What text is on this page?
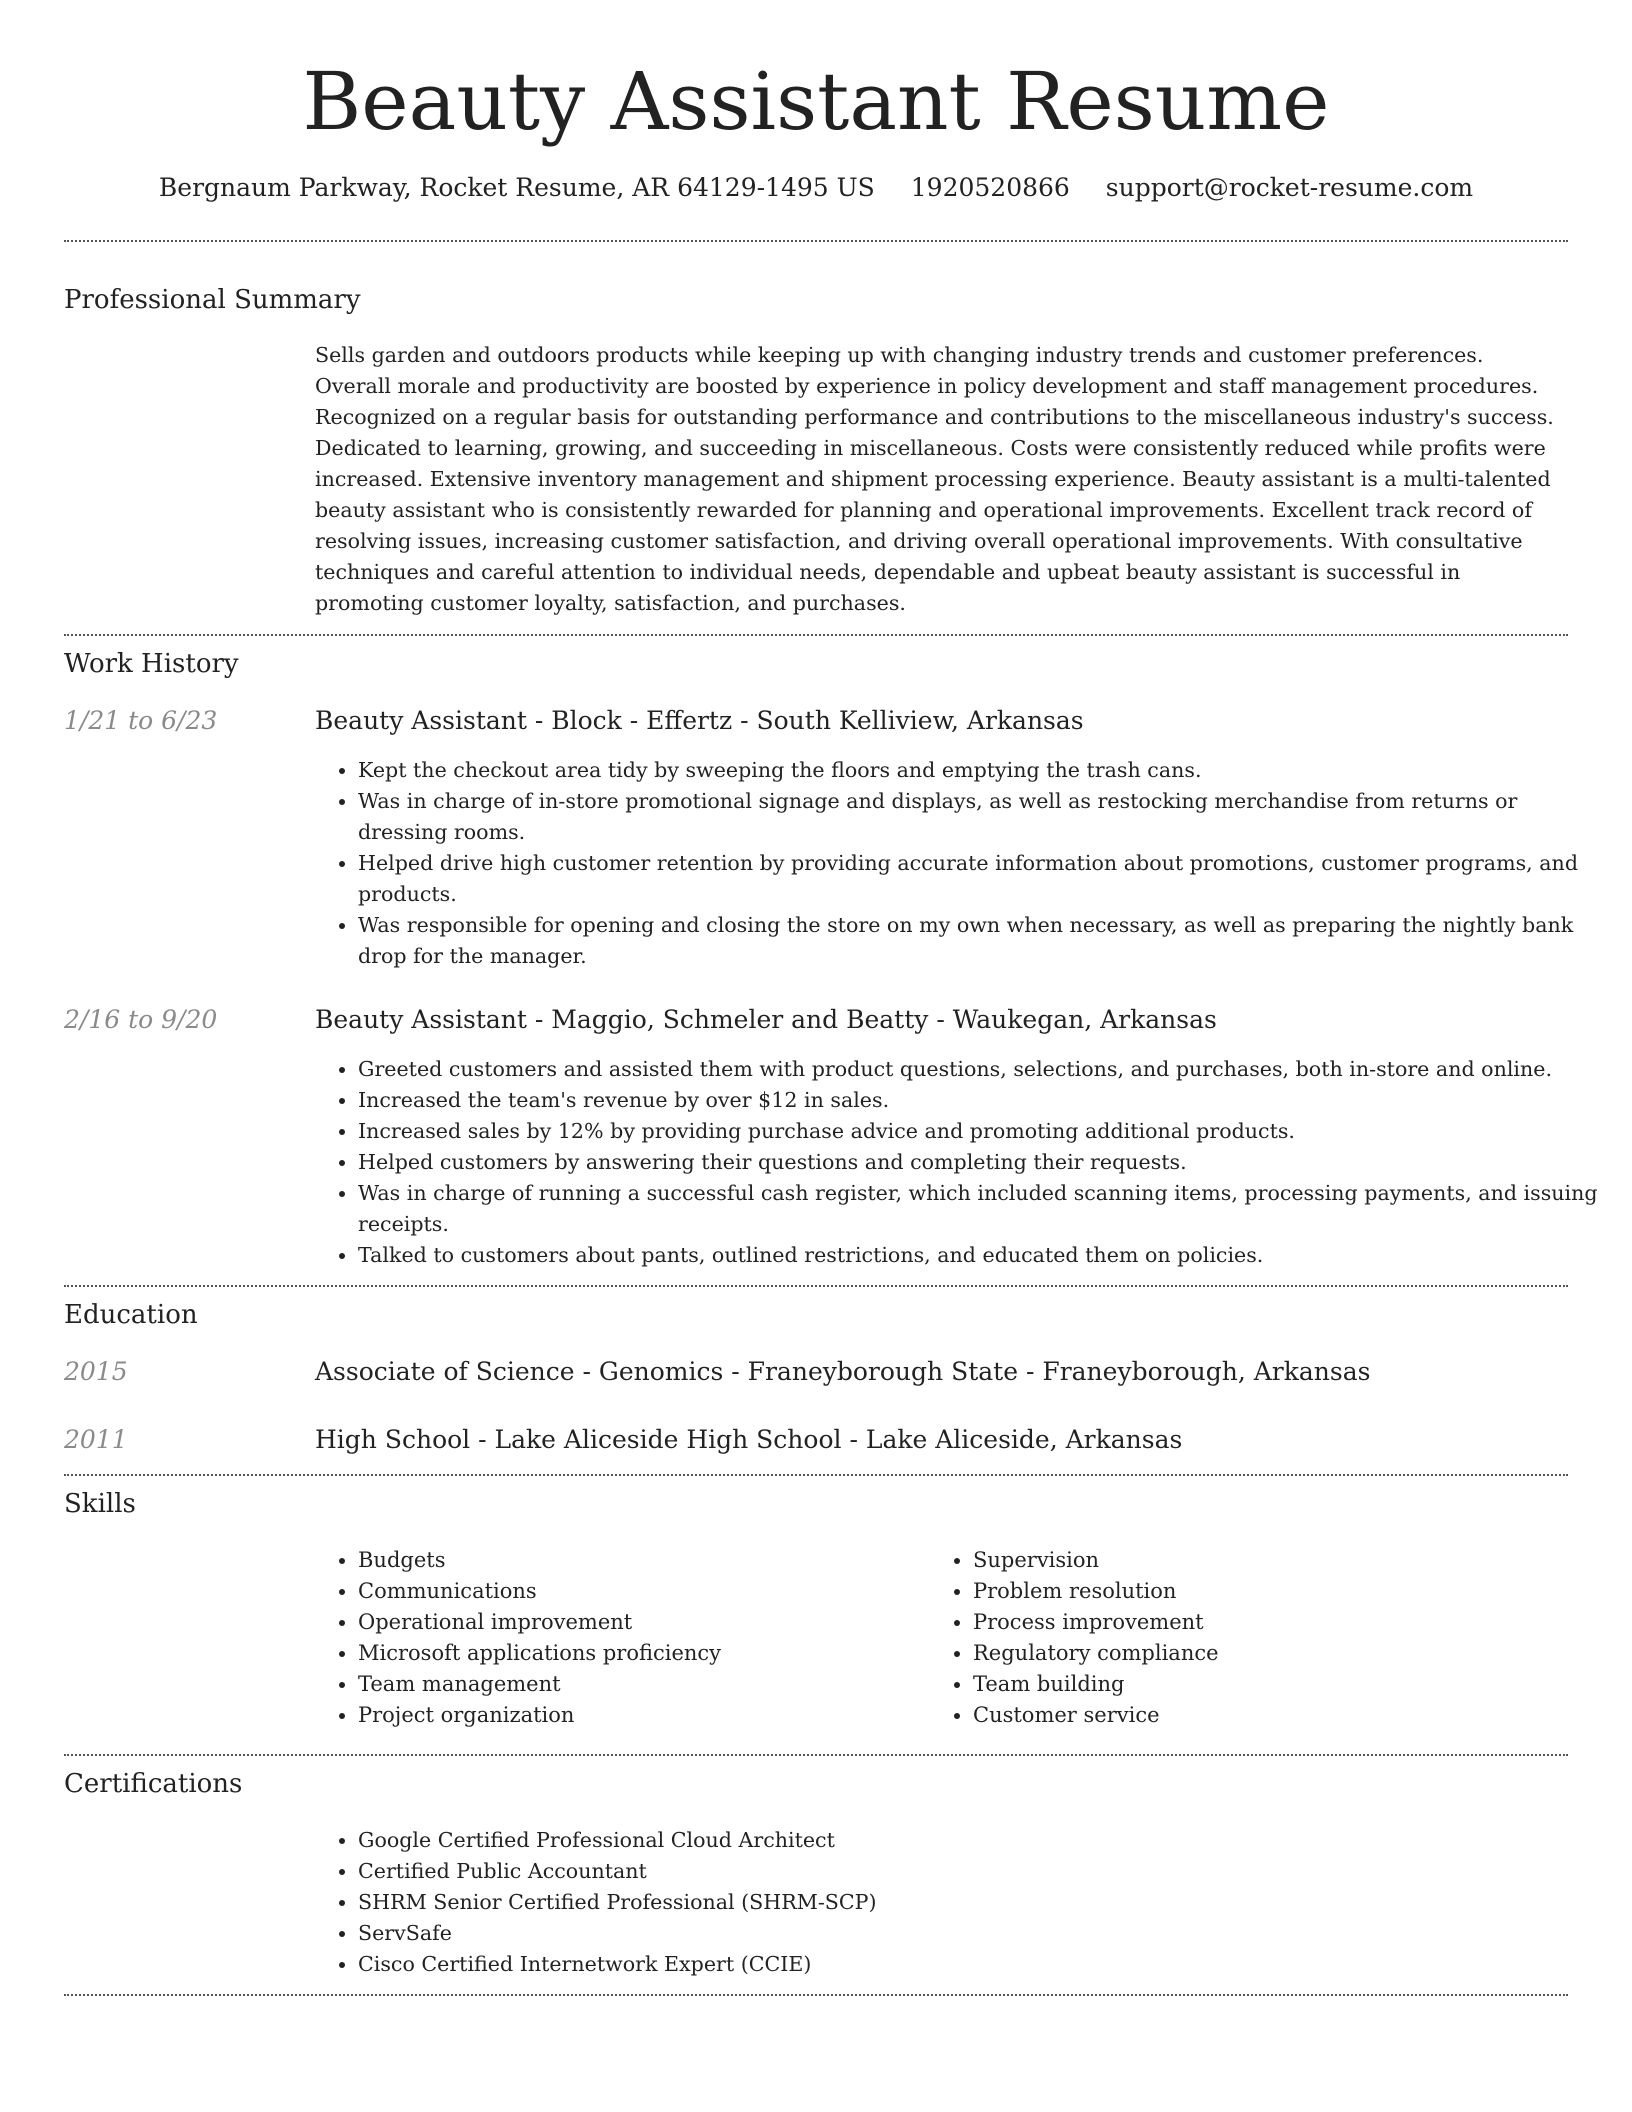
Beauty Assistant Resume
Bergnaum Parkway, Rocket Resume, AR 64129-1495 US 1920520866 support@rocket-resume.com
Professional Summary
Sells garden and outdoors products while keeping up with changing industry trends and customer preferences. Overall morale and productivity are boosted by experience in policy development and staff management procedures. Recognized on a regular basis for outstanding performance and contributions to the miscellaneous industry's success. Dedicated to learning, growing, and succeeding in miscellaneous. Costs were consistently reduced while profits were increased. Extensive inventory management and shipment processing experience. Beauty assistant is a multi-talented beauty assistant who is consistently rewarded for planning and operational improvements. Excellent track record of resolving issues, increasing customer satisfaction, and driving overall operational improvements. With consultative techniques and careful attention to individual needs, dependable and upbeat beauty assistant is successful in promoting customer loyalty, satisfaction, and purchases.
Work History
1/21 to 6/23	Beauty Assistant - Block - Effertz - South Kelliview, Arkansas
• Kept the checkout area tidy by sweeping the floors and emptying the trash cans.
• Was in charge of in-store promotional signage and displays, as well as restocking merchandise from returns or dressing rooms.
• Helped drive high customer retention by providing accurate information about promotions, customer programs, and products.
• Was responsible for opening and closing the store on my own when necessary, as well as preparing the nightly bank drop for the manager.
2/16 to 9/20	Beauty Assistant - Maggio, Schmeler and Beatty - Waukegan, Arkansas
• Greeted customers and assisted them with product questions, selections, and purchases, both in-store and online.
• Increased the team's revenue by over $12 in sales.
• Increased sales by 12% by providing purchase advice and promoting additional products.
• Helped customers by answering their questions and completing their requests.
• Was in charge of running a successful cash register, which included scanning items, processing payments, and issuing receipts.
• Talked to customers about pants, outlined restrictions, and educated them on policies.
Education
2015	Associate of Science - Genomics - Franeyborough State - Franeyborough, Arkansas
2011	High School - Lake Aliceside High School - Lake Aliceside, Arkansas
Skills
• Budgets
• Communications
• Operational improvement
• Microsoft applications proficiency
• Team management
• Project organization
• Supervision
• Problem resolution
• Process improvement
• Regulatory compliance
• Team building
• Customer service
Certifications
• Google Certified Professional Cloud Architect
• Certified Public Accountant
• SHRM Senior Certified Professional (SHRM-SCP)
• ServSafe
• Cisco Certified Internetwork Expert (CCIE)
